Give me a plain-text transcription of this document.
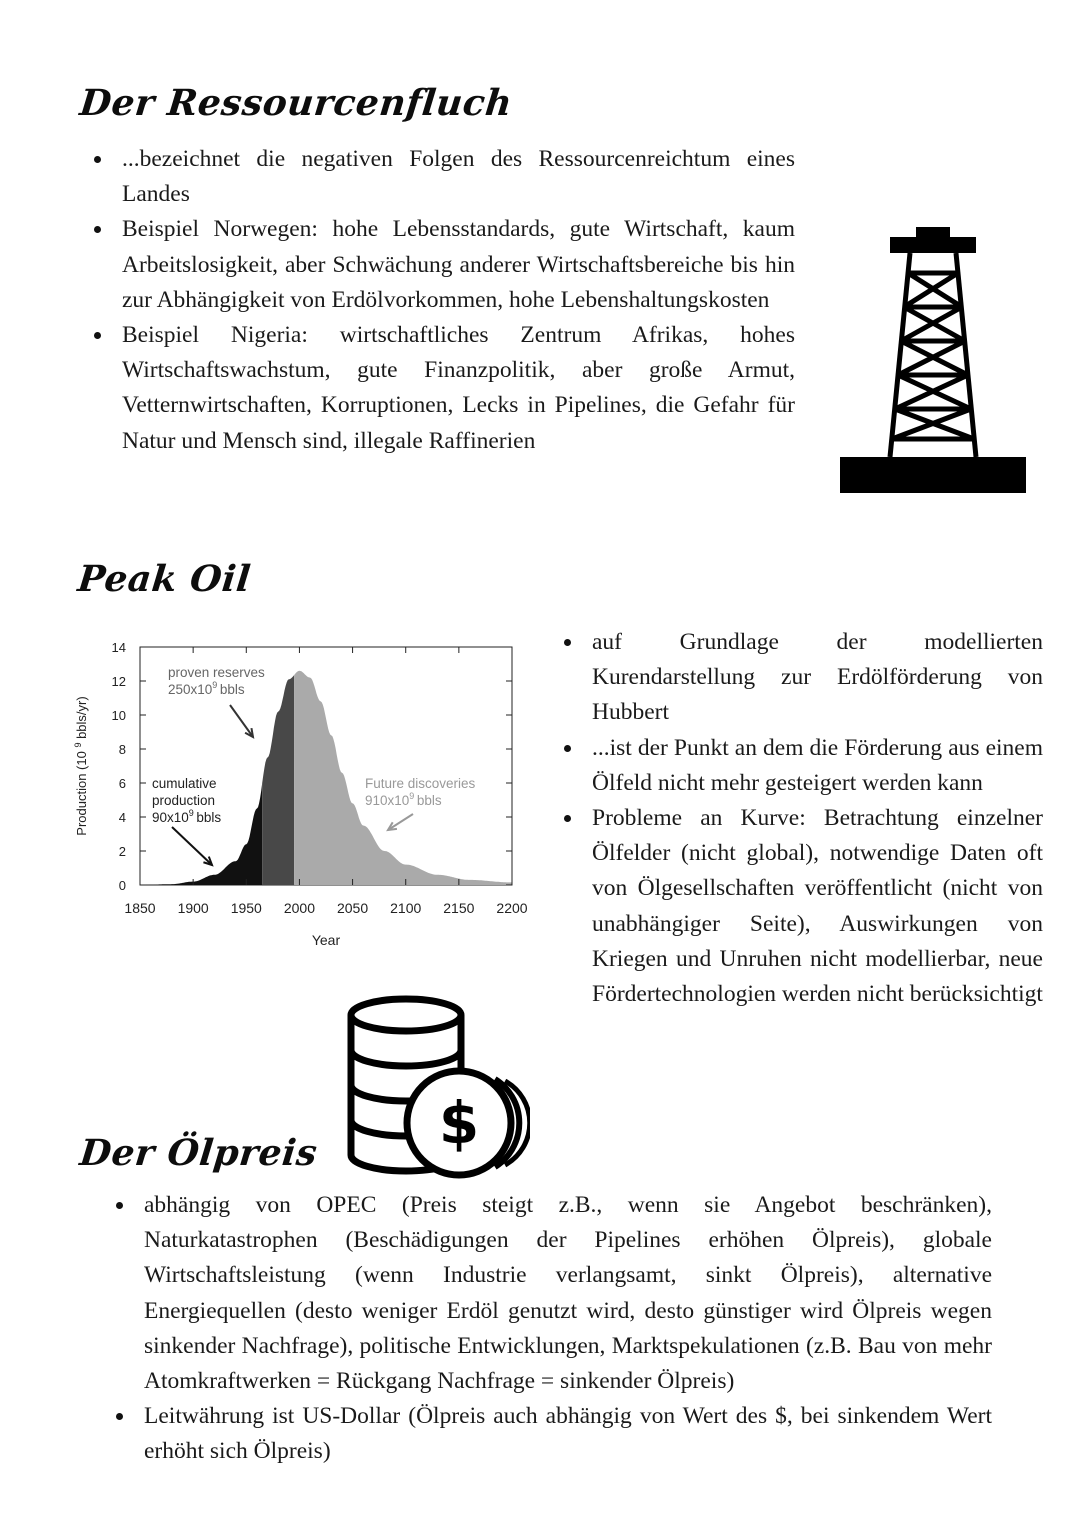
Der Ressourcenfluch
...bezeichnet die negativen Folgen des Ressourcenreichtum eines Landes
Beispiel Norwegen: hohe Lebensstandards, gute Wirtschaft, kaum Arbeitslosigkeit, aber Schwächung anderer Wirtschaftsbereiche bis hin zur Abhängigkeit von Erdölvorkommen, hohe Lebenshaltungskosten
Beispiel Nigeria: wirtschaftliches Zentrum Afrikas, hohes Wirtschaftswachstum, gute Finanzpolitik, aber große Armut, Vetternwirtschaften, Korruptionen, Lecks in Pipelines, die Gefahr für Natur und Mensch sind, illegale Raffinerien
Peak Oil
1850 1900 1950 2000 2050 2100 2150 2200
0
2
4
6
8
10
12
14
Year
Production (10 $^9$ bbls/yr)
proven reserves
$250x10^9$ bbls
cumulative
production
$90x10^9$ bbls
Future discoveries
$910x10^9$ bbls
auf Grundlage der modellierten Kurendarstellung zur Erdölförderung von Hubbert
...ist der Punkt an dem die Förderung aus einem Ölfeld nicht mehr gesteigert werden kann
Probleme an Kurve: Betrachtung einzelner Ölfelder (nicht global), notwendige Daten oft von Ölgesellschaften veröffentlicht (nicht von unabhängiger Seite), Auswirkungen von Kriegen und Unruhen nicht modellierbar, neue Fördertechnologien werden nicht berücksichtigt
$
Der Ölpreis
abhängig von OPEC (Preis steigt z.B., wenn sie Angebot beschränken), Naturkatastrophen (Beschädigungen der Pipelines erhöhen Ölpreis), globale Wirtschaftsleistung (wenn Industrie verlangsamt, sinkt Ölpreis), alternative Energiequellen (desto weniger Erdöl genutzt wird, desto günstiger wird Ölpreis wegen sinkender Nachfrage), politische Entwicklungen, Marktspekulationen (z.B. Bau von mehr Atomkraftwerken = Rückgang Nachfrage = sinkender Ölpreis)
Leitwährung ist US-Dollar (Ölpreis auch abhängig von Wert des $, bei sinkendem Wert erhöht sich Ölpreis)
